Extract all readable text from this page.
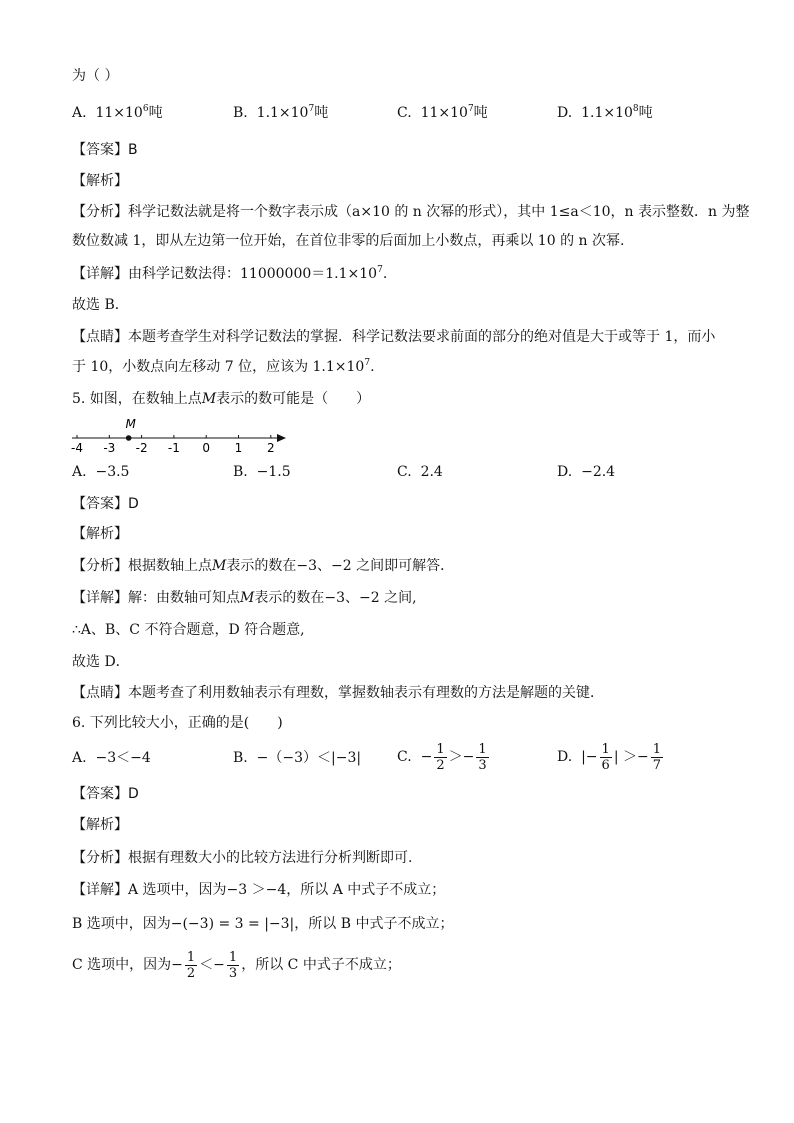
为（ ）
A. $11\times 10^6$吨	B. $1.1\times 10^7$吨	C. $11\times 10^7$吨	D. $1.1\times 10^8$吨
【答案】B
【解析】
【分析】科学记数法就是将一个数字表示成（a×10 的 n 次幂的形式），其中 1≤a＜10，n 表示整数．n 为整
数位数减 1，即从左边第一位开始，在首位非零的后面加上小数点，再乘以 10 的 n 次幂.
【详解】由科学记数法得：$11000000=1.1\times 10^7$.
故选 B．
【点睛】本题考查学生对科学记数法的掌握．科学记数法要求前面的部分的绝对值是大于或等于 1，而小
于 10，小数点向左移动 7 位，应该为 $1.1\times 10^7$.
5. 如图，在数轴上点M表示的数可能是（　　）
-4 -3 -2 -1 0 1 2
M
A. −3.5	B. −1.5	C. 2.4	D. −2.4
【答案】D
【解析】
【分析】根据数轴上点M表示的数在−3、−2 之间即可解答．
【详解】解：由数轴可知点M表示的数在−3、−2 之间,
∴A、B、C 不符合题意，D 符合题意,
故选 D．
【点睛】本题考查了利用数轴表示有理数，掌握数轴表示有理数的方法是解题的关键．
6. 下列比较大小，正确的是(　　)
A. −3＜−4	B. −（−3）＜|−3|	C. − $\frac{1}{2} >- \frac{1}{3}$	D. |− $\frac{1}{6}$ | ＞− $\frac{1}{7}$
【答案】D
【解析】
【分析】根据有理数大小的比较方法进行分析判断即可.
【详解】A 选项中，因为−3 ＞−4，所以 A 中式子不成立；
B 选项中，因为−(−3) = 3 = |−3|，所以 B 中式子不成立；
C 选项中，因为− $\frac{1}{2} <- \frac{1}{3}$ ，所以 C 中式子不成立；
